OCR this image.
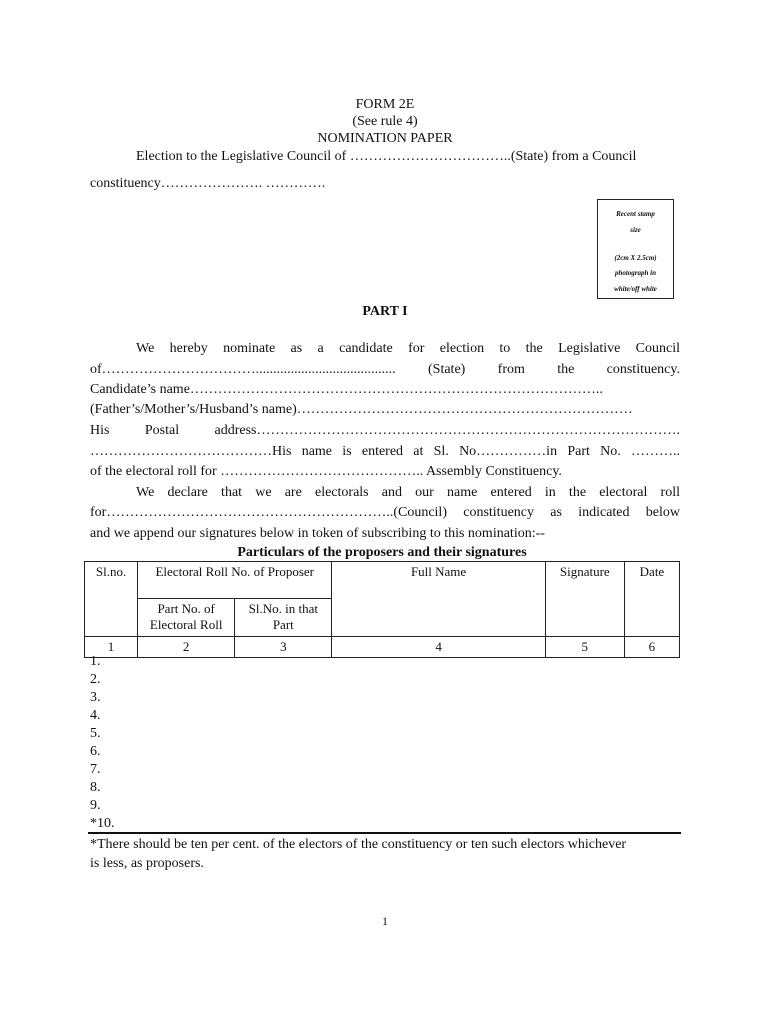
FORM 2E
(See rule 4)
NOMINATION PAPER
Election to the Legislative Council of ……………………………..(State) from a Council
constituency…………………. ………….
Recent stamp
size
(2cm X 2.5cm)
photograph in
white/off white
PART I
We hereby nominate as a candidate for election to the Legislative Council
of……………………………........................................ (State) from the constituency.
Candidate’s name……………………………………………………………………………..
(Father’s/Mother’s/Husband’s name)………………………………………………………………
His Postal address……………………………………………………………………………….
…………………………………His name is entered at Sl. No……………in Part No. ………..
of the electoral roll for …………………………………….. Assembly Constituency.
We declare that we are electorals and our name entered in the electoral roll
for……………………………………………………..(Council) constituency as indicated below
and we append our signatures below in token of subscribing to this nomination:--
Particulars of the proposers and their signatures
Sl.no.	Electoral Roll No. of Proposer		Full Name	Signature	Date
	Part No. of Electoral Roll	Sl.No. in that Part			
1	2	3	4	5	6
1.
2.
3.
4.
5.
6.
7.
8.
9.
*10.
*There should be ten per cent. of the electors of the constituency or ten such electors whichever
is less, as proposers.
1
